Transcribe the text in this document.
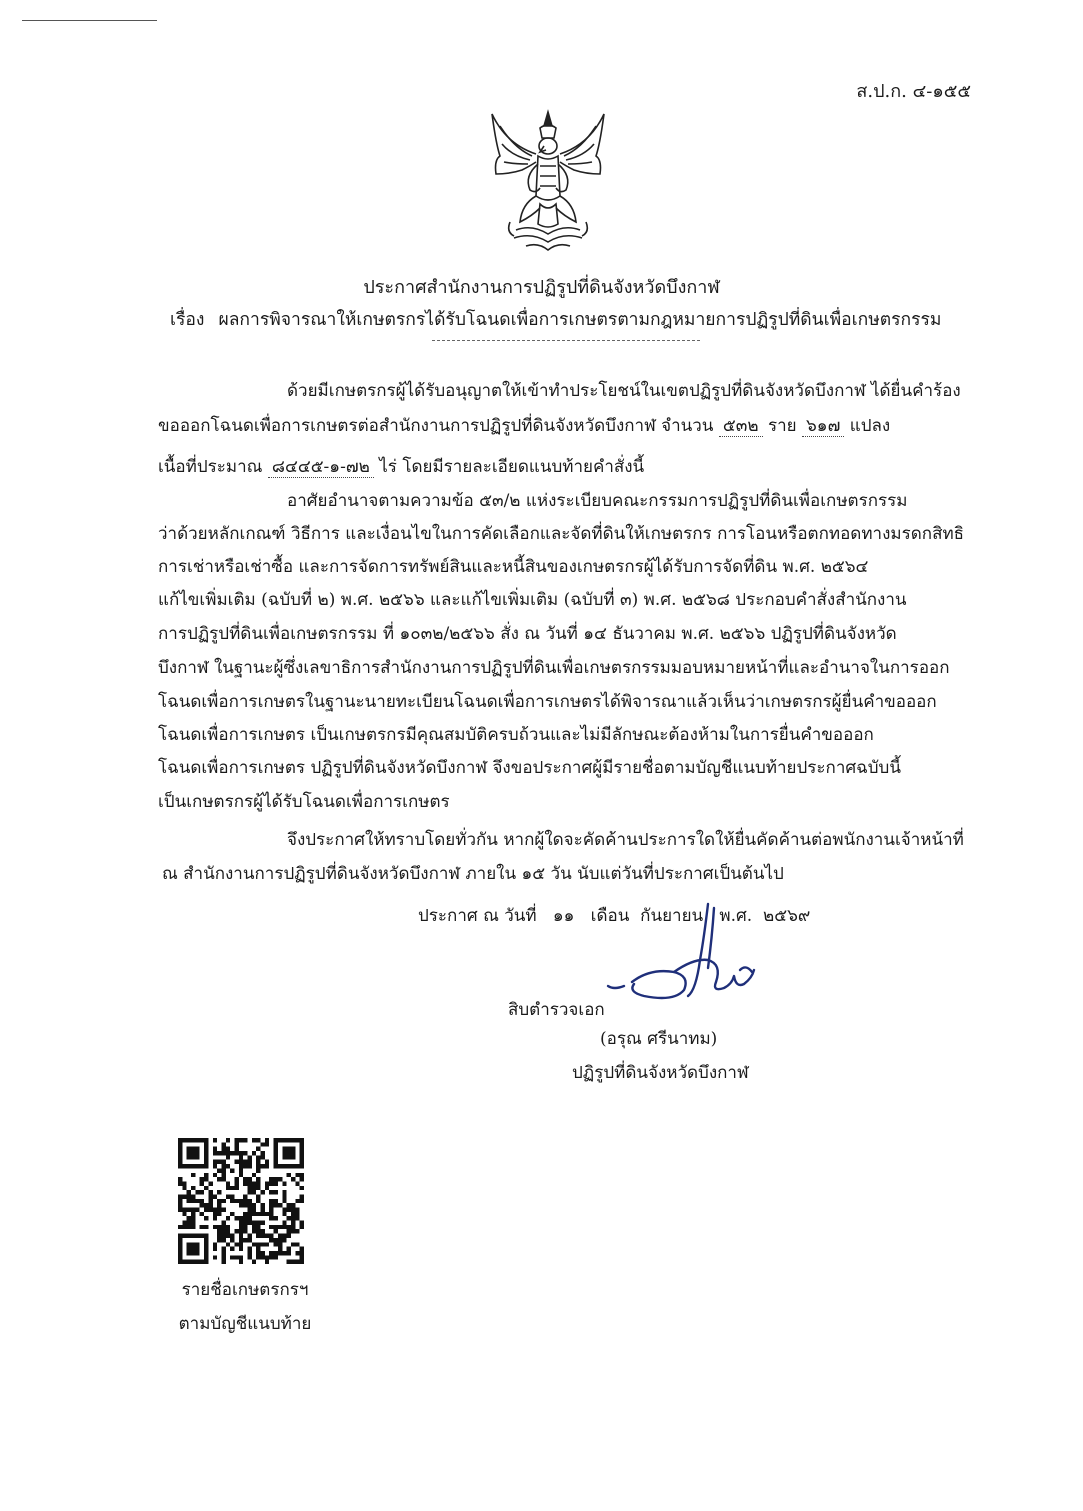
ส.ป.ก. ๔-๑๕๕
ประกาศสำนักงานการปฏิรูปที่ดินจังหวัดบึงกาฬ
เรื่อง ผลการพิจารณาให้เกษตรกรได้รับโฉนดเพื่อการเกษตรตามกฎหมายการปฏิรูปที่ดินเพื่อเกษตรกรรม
ด้วยมีเกษตรกรผู้ได้รับอนุญาตให้เข้าทำประโยชน์ในเขตปฏิรูปที่ดินจังหวัดบึงกาฬ ได้ยื่นคำร้อง
ขอออกโฉนดเพื่อการเกษตรต่อสำนักงานการปฏิรูปที่ดินจังหวัดบึงกาฬ จำนวน ๕๓๒ ราย ๖๑๗ แปลง
เนื้อที่ประมาณ ๘๔๔๕-๑-๗๒ ไร่ โดยมีรายละเอียดแนบท้ายคำสั่งนี้
อาศัยอำนาจตามความข้อ ๕๓/๒ แห่งระเบียบคณะกรรมการปฏิรูปที่ดินเพื่อเกษตรกรรม
ว่าด้วยหลักเกณฑ์ วิธีการ และเงื่อนไขในการคัดเลือกและจัดที่ดินให้เกษตรกร การโอนหรือตกทอดทางมรดกสิทธิ
การเช่าหรือเช่าซื้อ และการจัดการทรัพย์สินและหนี้สินของเกษตรกรผู้ได้รับการจัดที่ดิน พ.ศ. ๒๕๖๔
แก้ไขเพิ่มเติม (ฉบับที่ ๒) พ.ศ. ๒๕๖๖ และแก้ไขเพิ่มเติม (ฉบับที่ ๓) พ.ศ. ๒๕๖๘ ประกอบคำสั่งสำนักงาน
การปฏิรูปที่ดินเพื่อเกษตรกรรม ที่ ๑๐๓๒/๒๕๖๖ สั่ง ณ วันที่ ๑๔ ธันวาคม พ.ศ. ๒๕๖๖ ปฏิรูปที่ดินจังหวัด
บึงกาฬ ในฐานะผู้ซึ่งเลขาธิการสำนักงานการปฏิรูปที่ดินเพื่อเกษตรกรรมมอบหมายหน้าที่และอำนาจในการออก
โฉนดเพื่อการเกษตรในฐานะนายทะเบียนโฉนดเพื่อการเกษตรได้พิจารณาแล้วเห็นว่าเกษตรกรผู้ยื่นคำขอออก
โฉนดเพื่อการเกษตร เป็นเกษตรกรมีคุณสมบัติครบถ้วนและไม่มีลักษณะต้องห้ามในการยื่นคำขอออก
โฉนดเพื่อการเกษตร ปฏิรูปที่ดินจังหวัดบึงกาฬ จึงขอประกาศผู้มีรายชื่อตามบัญชีแนบท้ายประกาศฉบับนี้
เป็นเกษตรกรผู้ได้รับโฉนดเพื่อการเกษตร
จึงประกาศให้ทราบโดยทั่วกัน หากผู้ใดจะคัดค้านประการใดให้ยื่นคัดค้านต่อพนักงานเจ้าหน้าที่
ณ สำนักงานการปฏิรูปที่ดินจังหวัดบึงกาฬ ภายใน ๑๕ วัน นับแต่วันที่ประกาศเป็นต้นไป
ประกาศ ณ วันที่ ๑๑ เดือน กันยายน พ.ศ. ๒๕๖๙
สิบตำรวจเอก
(อรุณ ศรีนาทม)
ปฏิรูปที่ดินจังหวัดบึงกาฬ
รายชื่อเกษตรกรฯ
ตามบัญชีแนบท้าย
